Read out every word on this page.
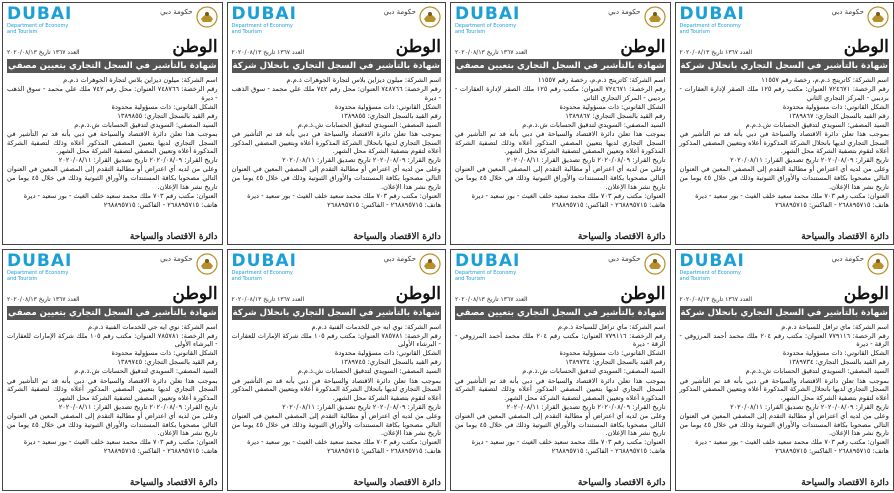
DUBAI
Department of Economy and Tourism
حكومة دبي
العدد ١٣٦٧ تاريخ ٢٠٢٠/٠٨/١٣	الوطن
شهادة بالتأشير في السجل التجاري بتعيين مصفي

اسم الشركة: ميلون ديزاين بلاس لتجارة الجوهرات ذ.م.م

رقم الرخصة: ٧٤٨٧٦٦ العنوان: محل رقم ٧٤٢ ملك علي محمد - سوق الذهب - ديرة

الشكل القانوني: ذات مسؤولية محدودة

رقم القيد بالسجل التجاري: ١٣٨٩٨٥٥

السيد المصفي: السويدي لتدقيق الحسابات ش.ذ.م.م

بموجب هذا تعلن دائرة الاقتصاد والسياحة في دبي بأنه قد تم التأشير في السجل التجاري لديها بتعيين المصفي المذكور أعلاه وذلك لتصفية الشركة المذكورة أعلاه وتعيين المصفي لتصفية الشركة محل الشهر.

تاريخ القرار: ٢٠٢٠/٠٨/٠٩ تاريخ تصديق القرار: ٢٠٢٠/٠٨/١١

وعلى من لديه أي اعتراض أو مطالبة التقدم إلى المصفي المعين في العنوان التالي مصحوبا بكافة المستندات والأوراق الثبوتية وذلك في خلال ٤٥ يوما من تاريخ نشر هذا الإعلان.

العنوان: مكتب رقم ٧٠٣ ملك محمد سعيد خلف الغيث - بور سعيد - ديرة

هاتف: ٢٦٨٨٩٥٧١٥ - الفاكس: ٢٦٨٨٩٥٧١٥

دائرة الاقتصاد والسياحة
DUBAI
Department of Economy and Tourism
حكومة دبي
العدد ١٣٦٧ تاريخ ٢٠٢٠/٠٨/١٣	الوطن
شهادة بالتأشير في السجل التجاري بانحلال شركة

اسم الشركة: ميلون ديزاين بلاس لتجارة الجوهرات ذ.م.م

رقم الرخصة: ٧٤٨٧٦٦ العنوان: محل رقم ٧٤٢ ملك علي محمد - سوق الذهب - ديرة

الشكل القانوني: ذات مسؤولية محدودة

رقم القيد بالسجل التجاري: ١٣٨٩٨٥٥

السيد المصفي: السويدي لتدقيق الحسابات ش.ذ.م.م

بموجب هذا تعلن دائرة الاقتصاد والسياحة في دبي بأنه قد تم التأشير في السجل التجاري لديها بانحلال الشركة المذكورة أعلاه وبتعيين المصفي المذكور أعلاه لتقوم بتصفية الشركة محل الشهر.

تاريخ القرار: ٢٠٢٠/٠٨/٠٩ تاريخ تصديق القرار: ٢٠٢٠/٠٨/١١

وعلى من لديه أي اعتراض أو مطالبة التقدم إلى المصفي المعين في العنوان التالي مصحوبا بكافة المستندات والأوراق الثبوتية وذلك في خلال ٤٥ يوما من تاريخ نشر هذا الإعلان.

العنوان: مكتب رقم ٧٠٣ ملك محمد سعيد خلف الغيث - بور سعيد - ديرة

هاتف: ٢٦٨٨٩٥٧١٥ - الفاكس: ٢٦٨٨٩٥٧١٥

دائرة الاقتصاد والسياحة
DUBAI
Department of Economy and Tourism
حكومة دبي
العدد ١٣٦٧ تاريخ ٢٠٢٠/٠٨/١٣	الوطن
شهادة بالتأشير في السجل التجاري بتعيين مصفي

اسم الشركة: كاترينج ذ.م.م، رخصة رقم ١١٥٥٧

رقم الرخصة: ٧٢٤٦٧١ العنوان: مكتب رقم ١٢٥ ملك الصقر لإدارة العقارات - برديبي - المركز التجاري الثاني

الشكل القانوني: ذات مسؤولية محدودة

رقم القيد بالسجل التجاري: ١٣٨٩٨٦٧

السيد المصفي: السويدي لتدقيق الحسابات ش.ذ.م.م

بموجب هذا تعلن دائرة الاقتصاد والسياحة في دبي بأنه قد تم التأشير في السجل التجاري لديها بتعيين المصفي المذكور أعلاه وذلك لتصفية الشركة المذكورة أعلاه وتعيين المصفي لتصفية الشركة محل الشهر.

تاريخ القرار: ٢٠٢٠/٠٨/٠٩ تاريخ تصديق القرار: ٢٠٢٠/٠٨/١١

وعلى من لديه أي اعتراض أو مطالبة التقدم إلى المصفي المعين في العنوان التالي مصحوبا بكافة المستندات والأوراق الثبوتية وذلك في خلال ٤٥ يوما من تاريخ نشر هذا الإعلان.

العنوان: مكتب رقم ٧٠٣ ملك محمد سعيد خلف الغيث - بور سعيد - ديرة

هاتف: ٢٦٨٨٩٥٧١٥ - الفاكس: ٢٦٨٨٩٥٧١٥

دائرة الاقتصاد والسياحة
DUBAI
Department of Economy and Tourism
حكومة دبي
العدد ١٣٦٧ تاريخ ٢٠٢٠/٠٨/١٣	الوطن
شهادة بالتأشير في السجل التجاري بانحلال شركة

اسم الشركة: كاترينج ذ.م.م، رخصة رقم ١١٥٥٧

رقم الرخصة: ٧٢٤٦٧١ العنوان: مكتب رقم ١٢٥ ملك الصقر لإدارة العقارات - برديبي - المركز التجاري الثاني

الشكل القانوني: ذات مسؤولية محدودة

رقم القيد بالسجل التجاري: ١٣٨٩٨٦٧

السيد المصفي: السويدي لتدقيق الحسابات ش.ذ.م.م

بموجب هذا تعلن دائرة الاقتصاد والسياحة في دبي بأنه قد تم التأشير في السجل التجاري لديها بانحلال الشركة المذكورة أعلاه وبتعيين المصفي المذكور أعلاه لتقوم بتصفية الشركة محل الشهر.

تاريخ القرار: ٢٠٢٠/٠٨/٠٩ تاريخ تصديق القرار: ٢٠٢٠/٠٨/١١

وعلى من لديه أي اعتراض أو مطالبة التقدم إلى المصفي المعين في العنوان التالي مصحوبا بكافة المستندات والأوراق الثبوتية وذلك في خلال ٤٥ يوما من تاريخ نشر هذا الإعلان.

العنوان: مكتب رقم ٧٠٣ ملك محمد سعيد خلف الغيث - بور سعيد - ديرة

هاتف: ٢٦٨٨٩٥٧١٥ - الفاكس: ٢٦٨٨٩٥٧١٥

دائرة الاقتصاد والسياحة
DUBAI
Department of Economy and Tourism
حكومة دبي
العدد ١٣٦٧ تاريخ ٢٠٢٠/٠٨/١٣	الوطن
شهادة بالتأشير في السجل التجاري بتعيين مصفي

اسم الشركة: نوي ايه جي للخدمات الفنية ذ.م.م

رقم الرخصة: ٧٨٥٧٨١ العنوان: مكتب رقم ١٠٥ ملك شركة الإمارات للعقارات - البرشاء الأولى

الشكل القانوني: ذات مسؤولية محدودة

رقم القيد بالسجل التجاري: ١٣٨٩٧٤٥

السيد المصفي: السويدي لتدقيق الحسابات ش.ذ.م.م

بموجب هذا تعلن دائرة الاقتصاد والسياحة في دبي بأنه قد تم التأشير في السجل التجاري لديها بتعيين المصفي المذكور أعلاه وذلك لتصفية الشركة المذكورة أعلاه وتعيين المصفي لتصفية الشركة محل الشهر.

تاريخ القرار: ٢٠٢٠/٠٨/٠٩ تاريخ تصديق القرار: ٢٠٢٠/٠٨/١١

وعلى من لديه أي اعتراض أو مطالبة التقدم إلى المصفي المعين في العنوان التالي مصحوبا بكافة المستندات والأوراق الثبوتية وذلك في خلال ٤٥ يوما من تاريخ نشر هذا الإعلان.

العنوان: مكتب رقم ٧٠٣ ملك محمد سعيد خلف الغيث - بور سعيد - ديرة

هاتف: ٢٦٨٨٩٥٧١٥ - الفاكس: ٢٦٨٨٩٥٧١٥

دائرة الاقتصاد والسياحة
DUBAI
Department of Economy and Tourism
حكومة دبي
العدد ١٣٦٧ تاريخ ٢٠٢٠/٠٨/١٣	الوطن
شهادة بالتأشير في السجل التجاري بانحلال شركة

اسم الشركة: نوي ايه جي للخدمات الفنية ذ.م.م

رقم الرخصة: ٧٨٥٧٨١ العنوان: مكتب رقم ١٠٥ ملك شركة الإمارات للعقارات - البرشاء الأولى

الشكل القانوني: ذات مسؤولية محدودة

رقم القيد بالسجل التجاري: ١٣٨٩٧٤٥

السيد المصفي: السويدي لتدقيق الحسابات ش.ذ.م.م

بموجب هذا تعلن دائرة الاقتصاد والسياحة في دبي بأنه قد تم التأشير في السجل التجاري لديها بانحلال الشركة المذكورة أعلاه وبتعيين المصفي المذكور أعلاه لتقوم بتصفية الشركة محل الشهر.

تاريخ القرار: ٢٠٢٠/٠٨/٠٩ تاريخ تصديق القرار: ٢٠٢٠/٠٨/١١

وعلى من لديه أي اعتراض أو مطالبة التقدم إلى المصفي المعين في العنوان التالي مصحوبا بكافة المستندات والأوراق الثبوتية وذلك في خلال ٤٥ يوما من تاريخ نشر هذا الإعلان.

العنوان: مكتب رقم ٧٠٣ ملك محمد سعيد خلف الغيث - بور سعيد - ديرة

هاتف: ٢٦٨٨٩٥٧١٥ - الفاكس: ٢٦٨٨٩٥٧١٥

دائرة الاقتصاد والسياحة
DUBAI
Department of Economy and Tourism
حكومة دبي
العدد ١٣٦٧ تاريخ ٢٠٢٠/٠٨/١٣	الوطن
شهادة بالتأشير في السجل التجاري بتعيين مصفي

اسم الشركة: ماي ترافل للسياحة ذ.م.م

رقم الرخصة: ٧٧٩١١٦ العنوان: مكتب رقم ٢٠٤ ملك محمد أحمد المرزوقي - الرقة - ديرة

الشكل القانوني: ذات مسؤولية محدودة

رقم القيد بالسجل التجاري: ١٣٨٩٧٣٤

السيد المصفي: السويدي لتدقيق الحسابات ش.ذ.م.م

بموجب هذا تعلن دائرة الاقتصاد والسياحة في دبي بأنه قد تم التأشير في السجل التجاري لديها بتعيين المصفي المذكور أعلاه وذلك لتصفية الشركة المذكورة أعلاه وتعيين المصفي لتصفية الشركة محل الشهر.

تاريخ القرار: ٢٠٢٠/٠٨/٠٩ تاريخ تصديق القرار: ٢٠٢٠/٠٨/١١

وعلى من لديه أي اعتراض أو مطالبة التقدم إلى المصفي المعين في العنوان التالي مصحوبا بكافة المستندات والأوراق الثبوتية وذلك في خلال ٤٥ يوما من تاريخ نشر هذا الإعلان.

العنوان: مكتب رقم ٧٠٣ ملك محمد سعيد خلف الغيث - بور سعيد - ديرة

هاتف: ٢٦٨٨٩٥٧١٥ - الفاكس: ٢٦٨٨٩٥٧١٥

دائرة الاقتصاد والسياحة
DUBAI
Department of Economy and Tourism
حكومة دبي
العدد ١٣٦٧ تاريخ ٢٠٢٠/٠٨/١٣	الوطن
شهادة بالتأشير في السجل التجاري بانحلال شركة

اسم الشركة: ماي ترافل للسياحة ذ.م.م

رقم الرخصة: ٧٧٩١١٦ العنوان: مكتب رقم ٢٠٤ ملك محمد أحمد المرزوقي - الرقة - ديرة

الشكل القانوني: ذات مسؤولية محدودة

رقم القيد بالسجل التجاري: ١٣٨٩٧٣٤

السيد المصفي: السويدي لتدقيق الحسابات ش.ذ.م.م

بموجب هذا تعلن دائرة الاقتصاد والسياحة في دبي بأنه قد تم التأشير في السجل التجاري لديها بانحلال الشركة المذكورة أعلاه وبتعيين المصفي المذكور أعلاه لتقوم بتصفية الشركة محل الشهر.

تاريخ القرار: ٢٠٢٠/٠٨/٠٩ تاريخ تصديق القرار: ٢٠٢٠/٠٨/١١

وعلى من لديه أي اعتراض أو مطالبة التقدم إلى المصفي المعين في العنوان التالي مصحوبا بكافة المستندات والأوراق الثبوتية وذلك في خلال ٤٥ يوما من تاريخ نشر هذا الإعلان.

العنوان: مكتب رقم ٧٠٣ ملك محمد سعيد خلف الغيث - بور سعيد - ديرة

هاتف: ٢٦٨٨٩٥٧١٥ - الفاكس: ٢٦٨٨٩٥٧١٥

دائرة الاقتصاد والسياحة
